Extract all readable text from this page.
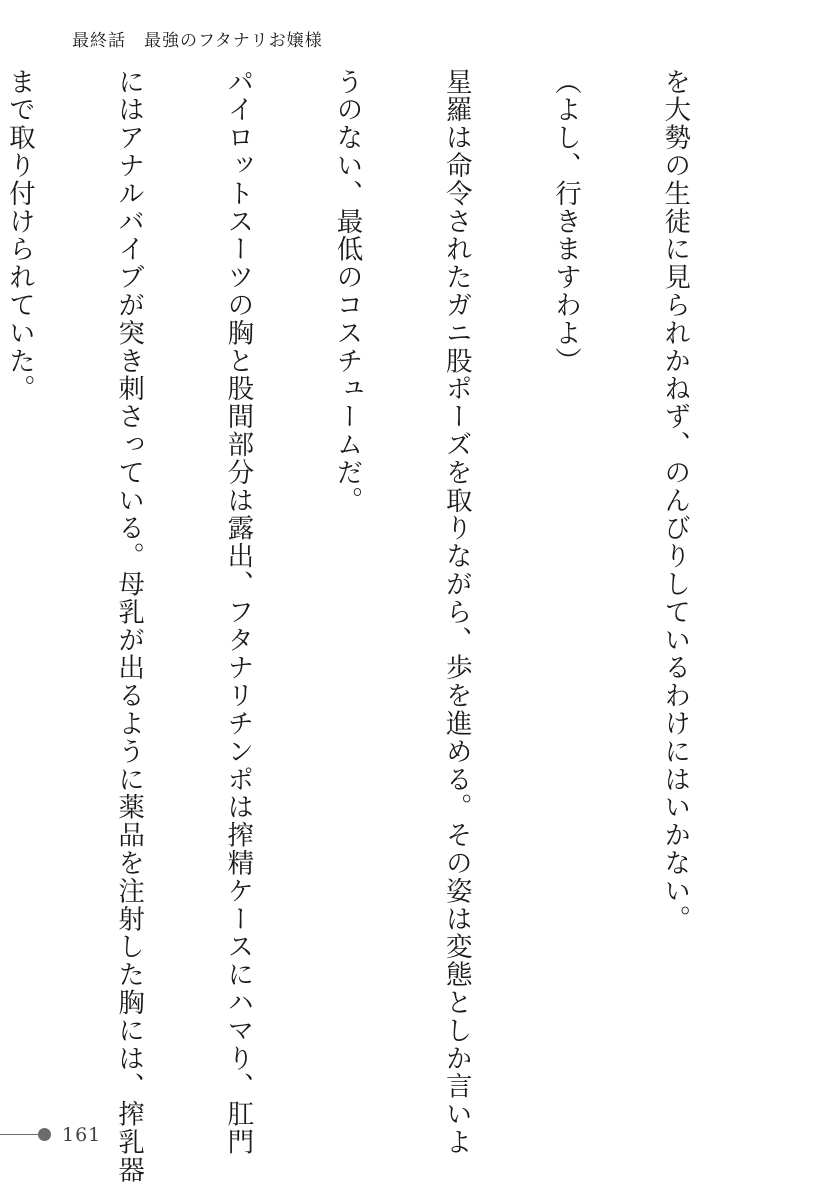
最終話　最強のフタナリお嬢様

を大勢の生徒に見られかねず、のんびりしているわけにはいかない。

（よし、行きますわよ）

星羅は命令されたガニ股ポーズを取りながら、歩を進める。その姿は変態としか言いよ

うのない、最低のコスチュームだ。

パイロットスーツの胸と股間部分は露出、フタナリチンポは搾精ケースにハマり、肛門

にはアナルバイブが突き刺さっている。母乳が出るように薬品を注射した胸には、搾乳器

まで取り付けられていた。

161
